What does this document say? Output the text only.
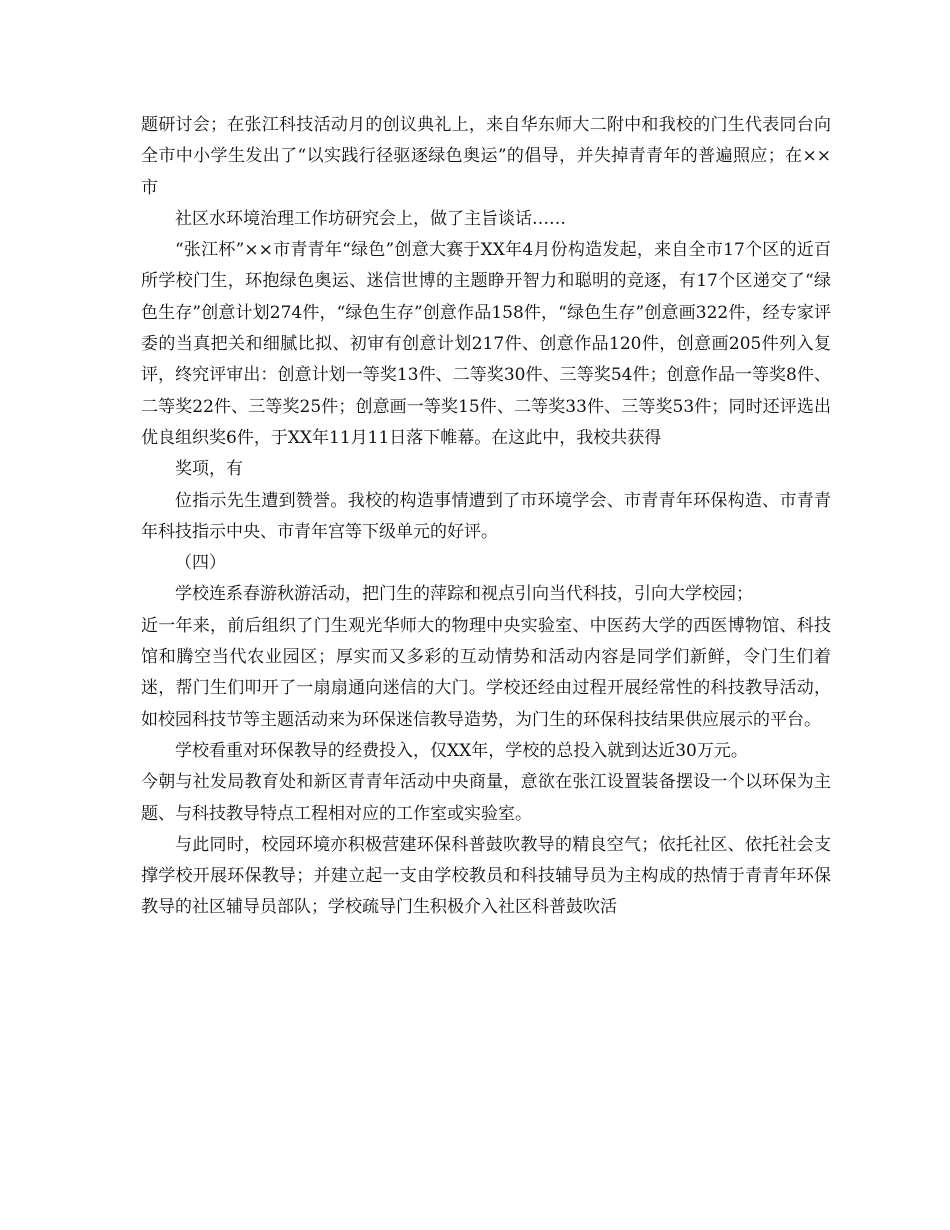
题研讨会；在张江科技活动月的创议典礼上，来自华东师大二附中和我校的门生代表同台向全市中小学生发出了“以实践行径驱逐绿色奥运”的倡导，并失掉青青年的普遍照应；在××市

社区水环境治理工作坊研究会上，做了主旨谈话……

“张江杯”××市青青年“绿色”创意大赛于XX年4月份构造发起，来自全市17个区的近百所学校门生，环抱绿色奥运、迷信世博的主题睁开智力和聪明的竞逐，有17个区递交了“绿色生存”创意计划274件，“绿色生存”创意作品158件，“绿色生存”创意画322件，经专家评委的当真把关和细腻比拟、初审有创意计划217件、创意作品120件，创意画205件列入复评，终究评审出：创意计划一等奖13件、二等奖30件、三等奖54件；创意作品一等奖8件、二等奖22件、三等奖25件；创意画一等奖15件、二等奖33件、三等奖53件；同时还评选出优良组织奖6件，于XX年11月11日落下帷幕。在这此中，我校共获得

奖项，有

位指示先生遭到赞誉。我校的构造事情遭到了市环境学会、市青青年环保构造、市青青年科技指示中央、市青年宫等下级单元的好评。

（四）

学校连系春游秋游活动，把门生的萍踪和视点引向当代科技，引向大学校园；
近一年来，前后组织了门生观光华师大的物理中央实验室、中医药大学的西医博物馆、科技馆和腾空当代农业园区；厚实而又多彩的互动情势和活动内容是同学们新鲜，令门生们着迷，帮门生们叩开了一扇扇通向迷信的大门。学校还经由过程开展经常性的科技教导活动，如校园科技节等主题活动来为环保迷信教导造势，为门生的环保科技结果供应展示的平台。

学校看重对环保教导的经费投入，仅XX年，学校的总投入就到达近30万元。
今朝与社发局教育处和新区青青年活动中央商量，意欲在张江设置装备摆设一个以环保为主题、与科技教导特点工程相对应的工作室或实验室。

与此同时，校园环境亦积极营建环保科普鼓吹教导的精良空气；依托社区、依托社会支撑学校开展环保教导；并建立起一支由学校教员和科技辅导员为主构成的热情于青青年环保教导的社区辅导员部队；学校疏导门生积极介入社区科普鼓吹活
